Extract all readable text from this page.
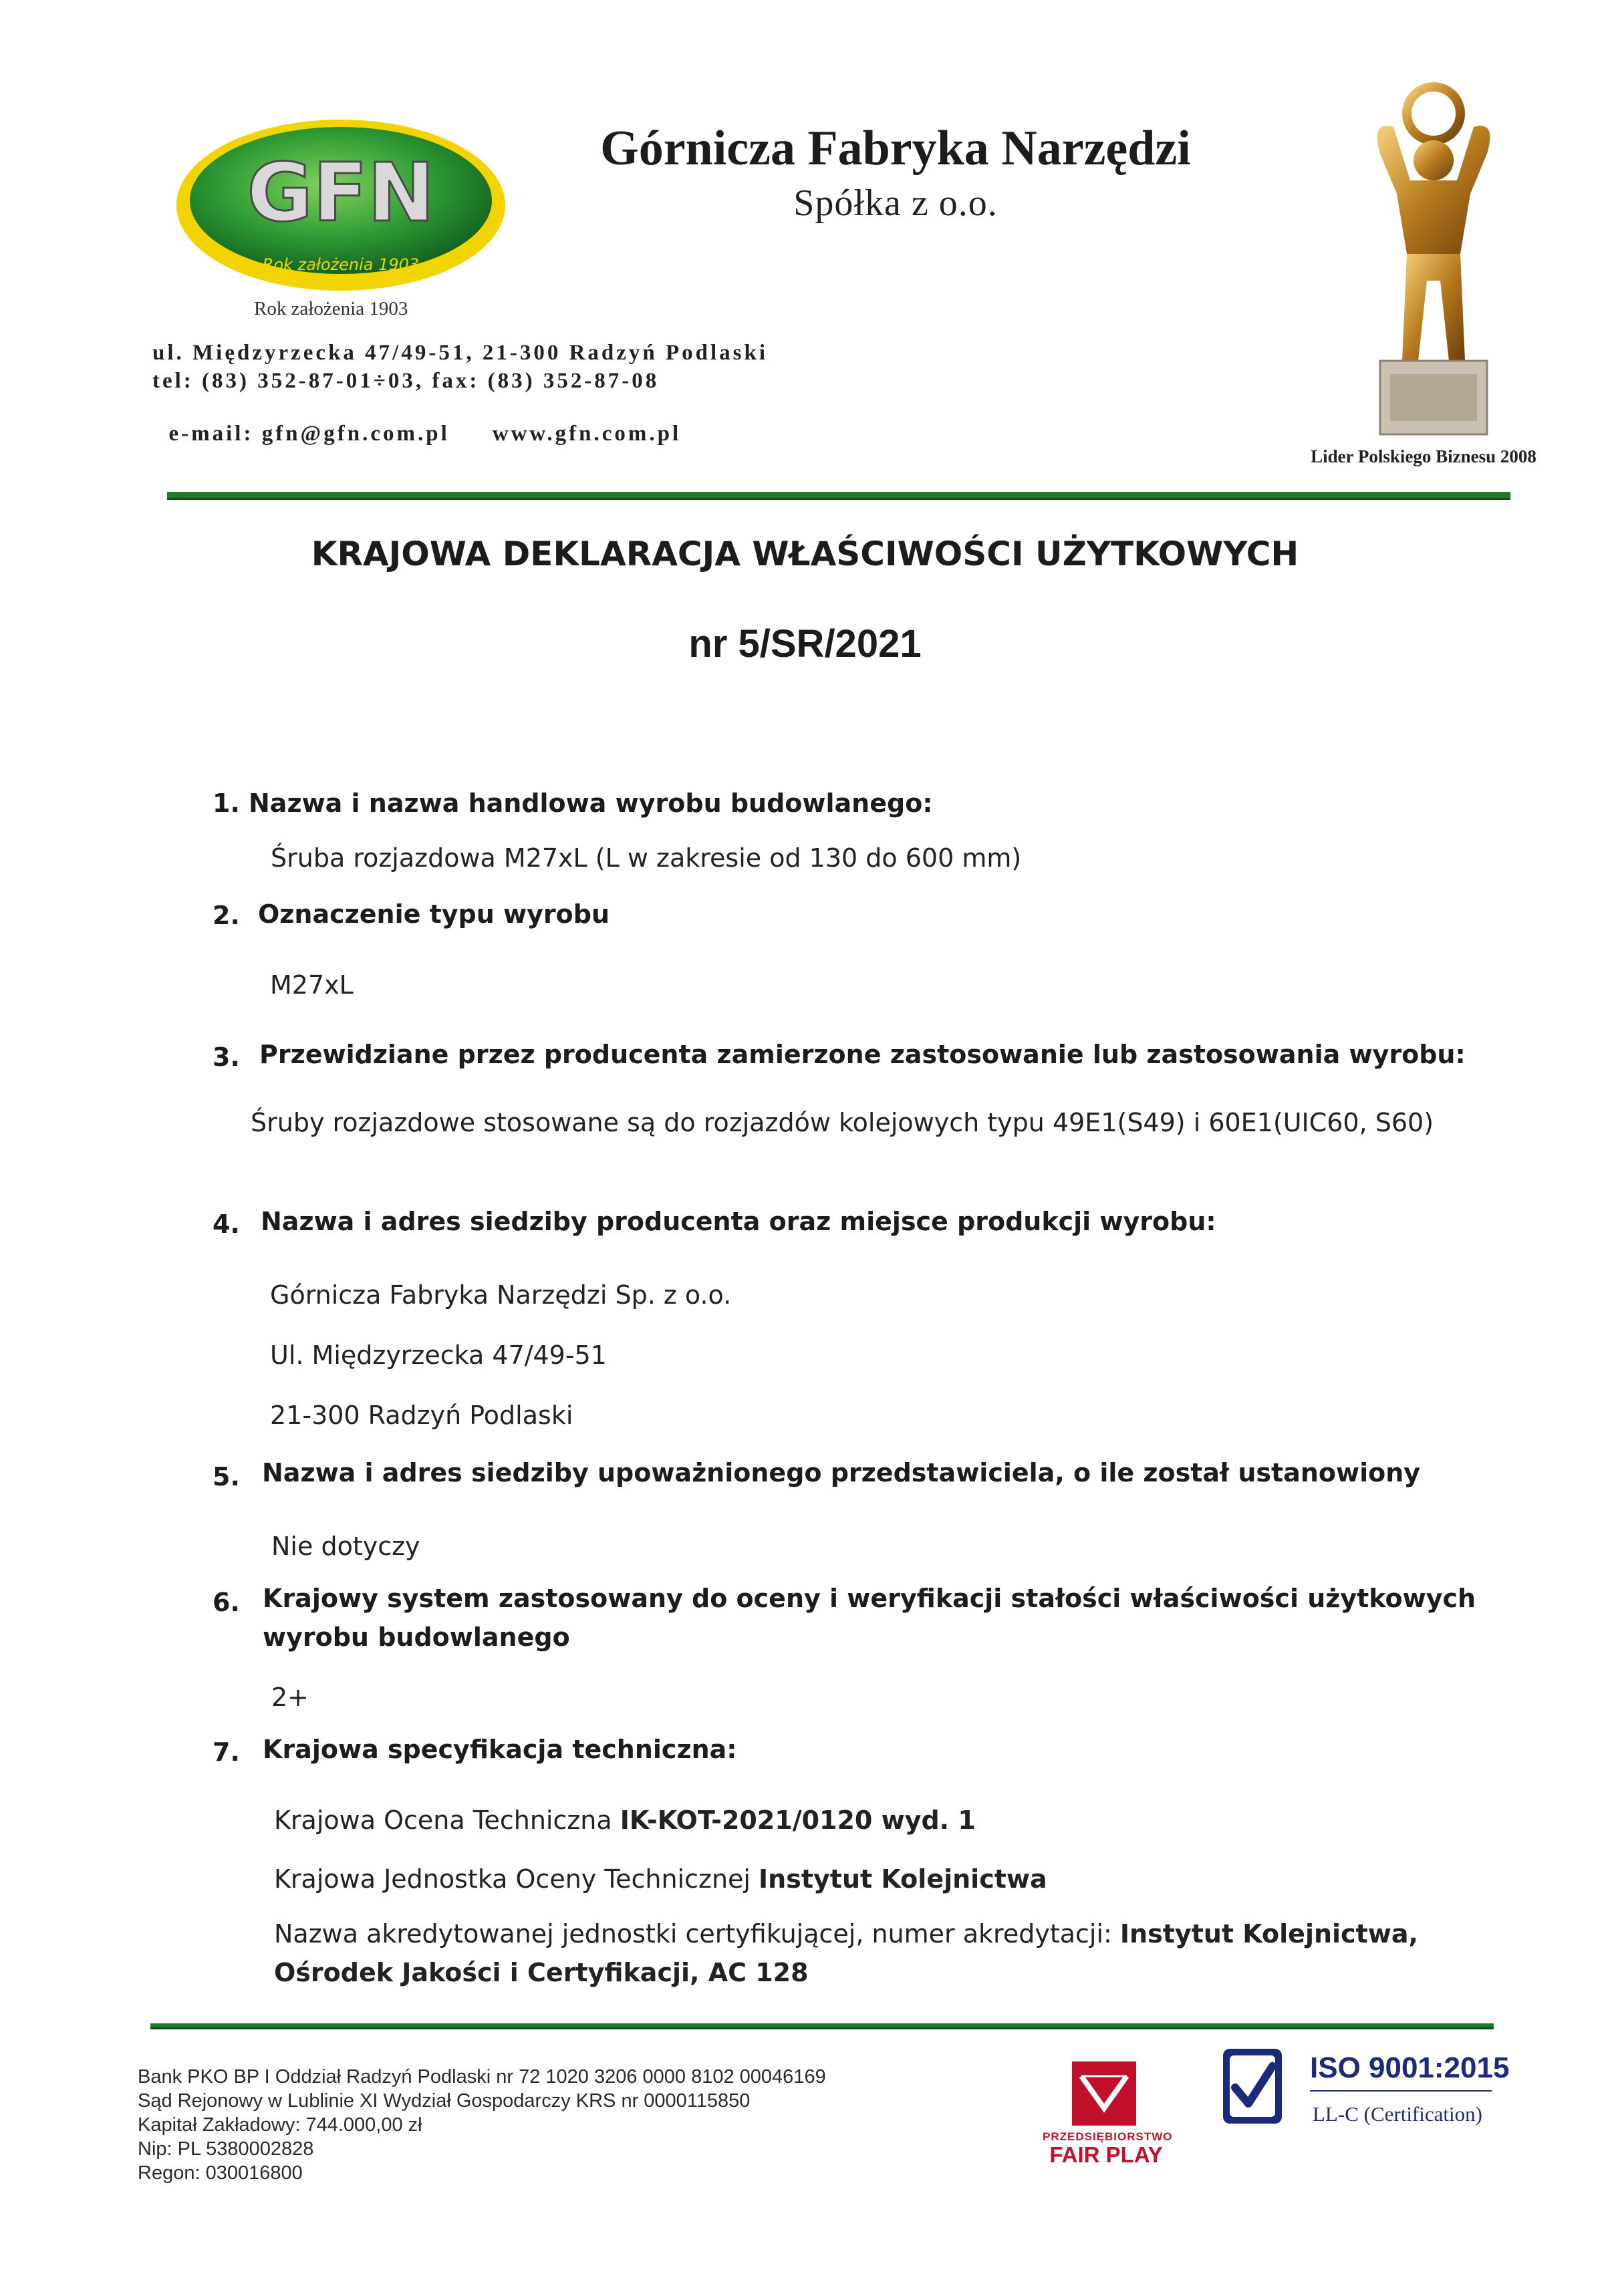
GFN
Rok założenia 1903
Górnicza Fabryka Narzędzi
Spółka z o.o.
Rok założenia 1903
ul. Międzyrzecka 47/49-51, 21-300 Radzyń Podlaski
tel: (83) 352-87-01÷03, fax: (83) 352-87-08

e-mail: gfn@gfn.com.pl www.gfn.com.pl

Lider Polskiego Biznesu 2008
KRAJOWA DEKLARACJA WŁAŚCIWOŚCI UŻYTKOWYCH
nr 5/SR/2021
1. Nazwa i nazwa handlowa wyrobu budowlanego:
Śruba rozjazdowa M27xL (L w zakresie od 130 do 600 mm)
2. Oznaczenie typu wyrobu
M27xL
3. Przewidziane przez producenta zamierzone zastosowanie lub zastosowania wyrobu:
Śruby rozjazdowe stosowane są do rozjazdów kolejowych typu 49E1(S49) i 60E1(UIC60, S60)
4. Nazwa i adres siedziby producenta oraz miejsce produkcji wyrobu:
Górnicza Fabryka Narzędzi Sp. z o.o.
Ul. Międzyrzecka 47/49-51
21-300 Radzyń Podlaski
5. Nazwa i adres siedziby upoważnionego przedstawiciela, o ile został ustanowiony
Nie dotyczy
6. Krajowy system zastosowany do oceny i weryfikacji stałości właściwości użytkowych
wyrobu budowlanego
2+
7. Krajowa specyfikacja techniczna:
Krajowa Ocena Techniczna IK-KOT-2021/0120 wyd. 1
Krajowa Jednostka Oceny Technicznej Instytut Kolejnictwa
Nazwa akredytowanej jednostki certyfikującej, numer akredytacji: Instytut Kolejnictwa,
Ośrodek Jakości i Certyfikacji, AC 128
Bank PKO BP I Oddział Radzyń Podlaski nr 72 1020 3206 0000 8102 00046169
Sąd Rejonowy w Lublinie XI Wydział Gospodarczy KRS nr 0000115850
Kapitał Zakładowy: 744.000,00 zł
Nip: PL 5380002828
Regon: 030016800
PRZEDSIĘBIORSTWO
FAIR PLAY
ISO 9001:2015
LL-C (Certification)
